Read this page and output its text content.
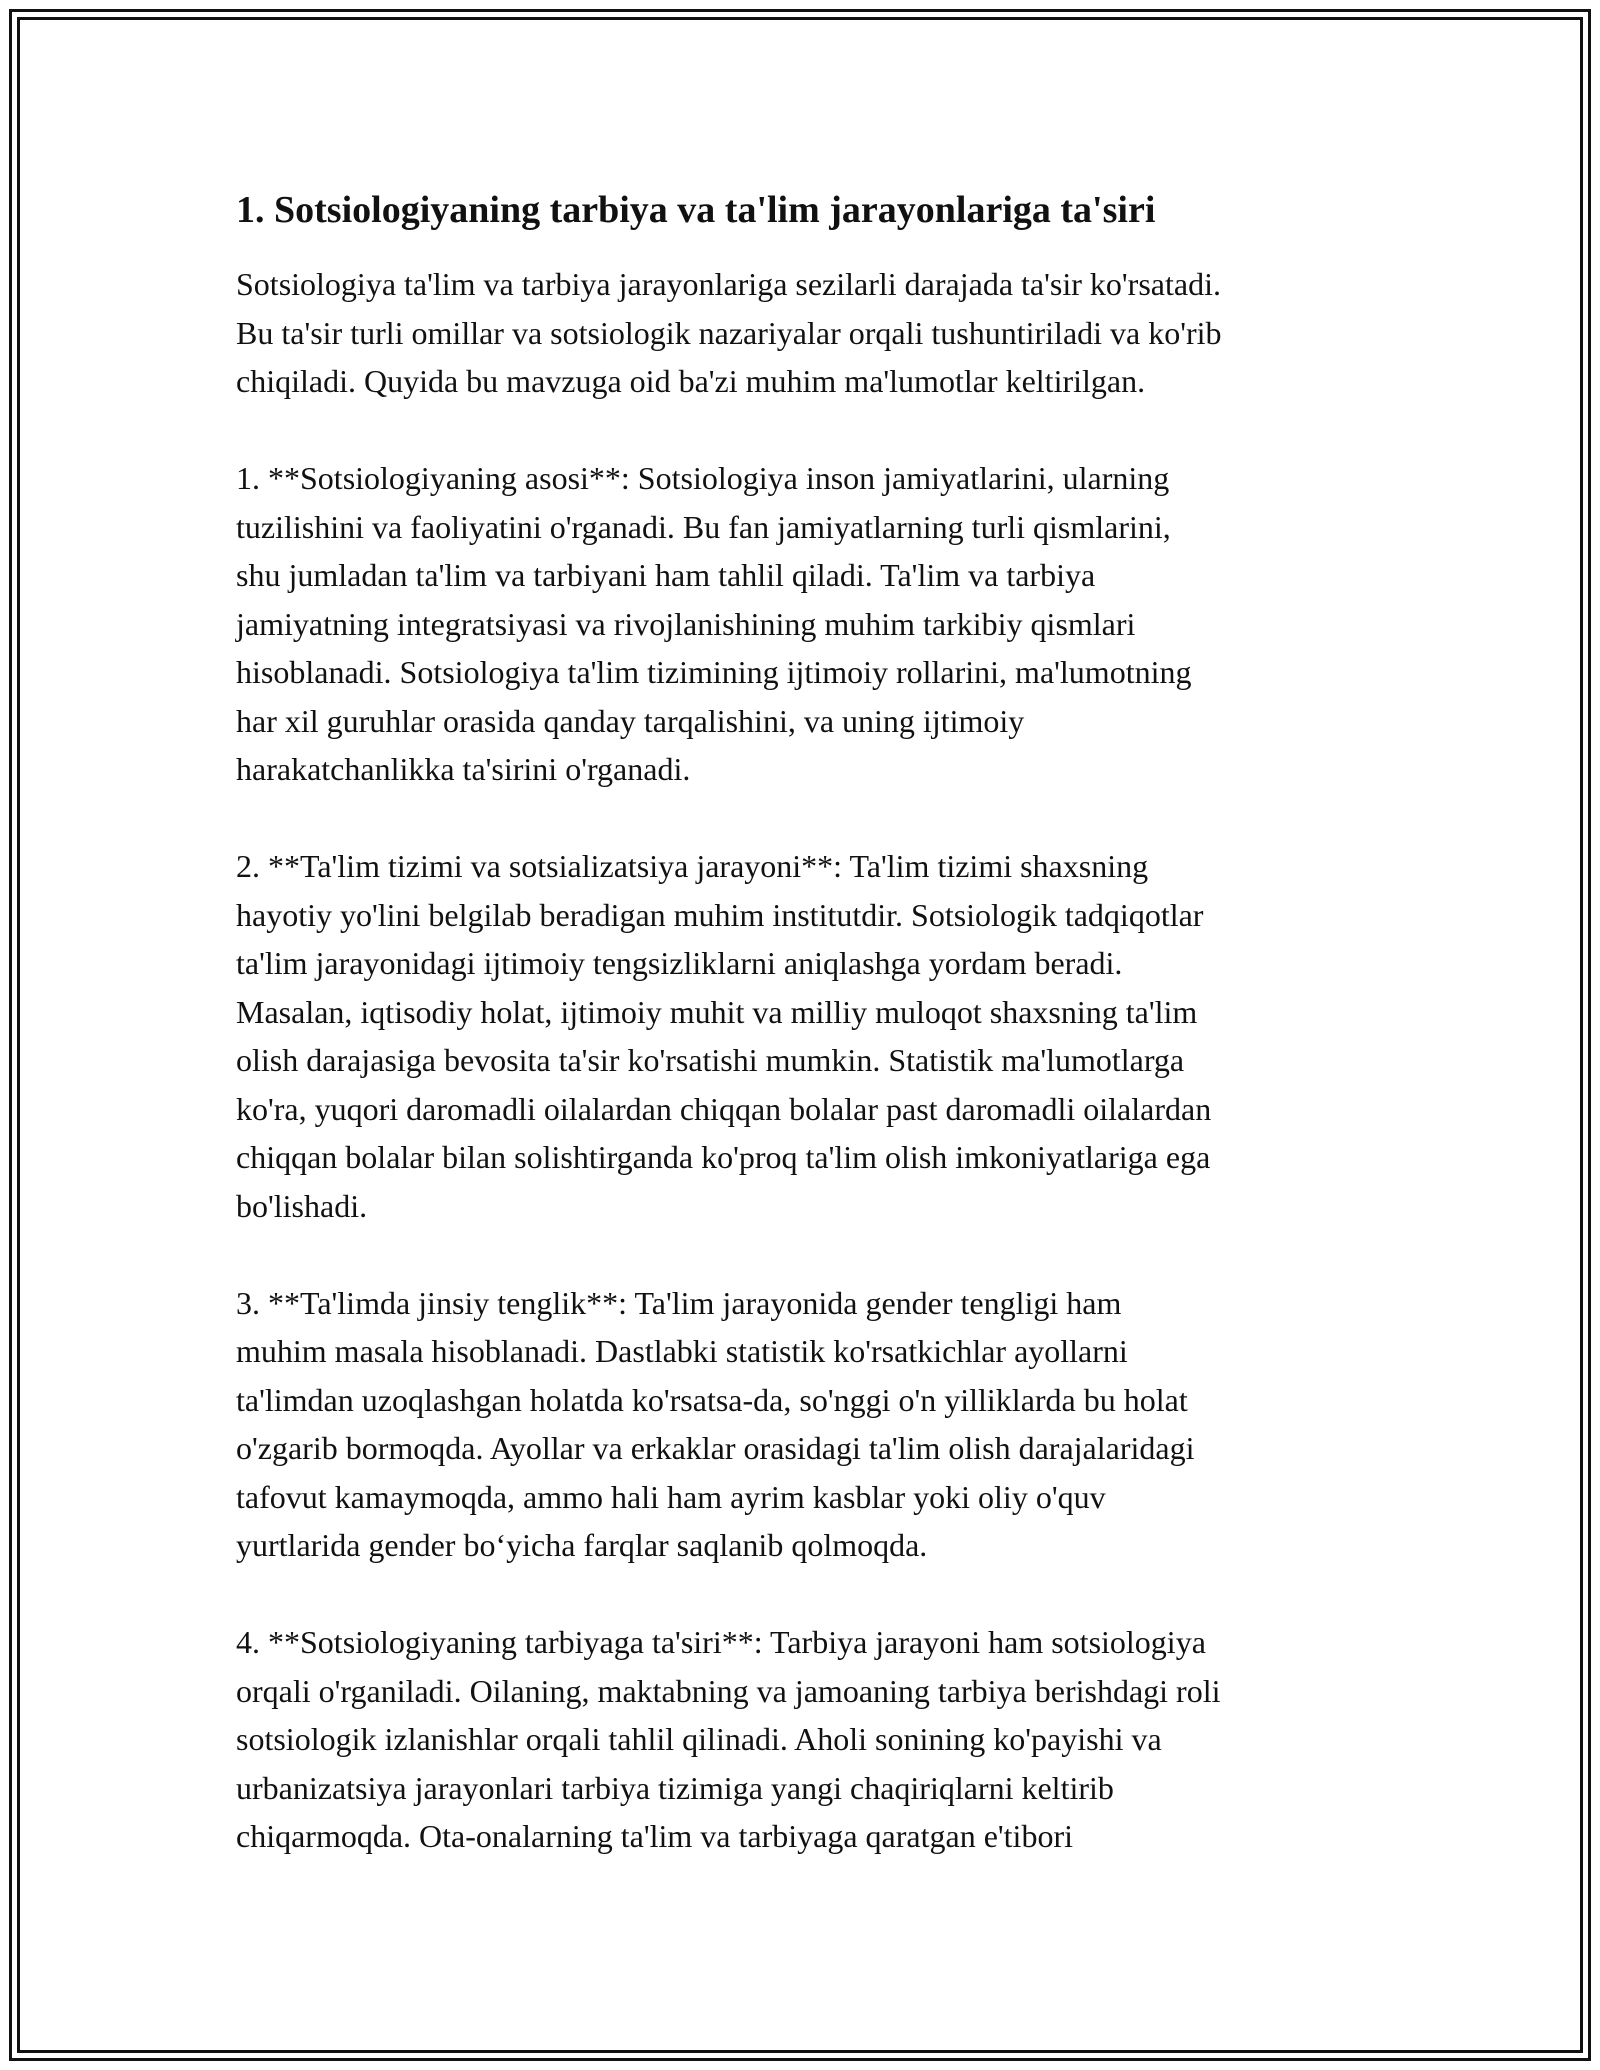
1. Sotsiologiyaning tarbiya va ta'lim jarayonlariga ta'siri

Sotsiologiya ta'lim va tarbiya jarayonlariga sezilarli darajada ta'sir ko'rsatadi.
Bu ta'sir turli omillar va sotsiologik nazariyalar orqali tushuntiriladi va ko'rib
chiqiladi. Quyida bu mavzuga oid ba'zi muhim ma'lumotlar keltirilgan.

1. **Sotsiologiyaning asosi**: Sotsiologiya inson jamiyatlarini, ularning
tuzilishini va faoliyatini o'rganadi. Bu fan jamiyatlarning turli qismlarini,
shu jumladan ta'lim va tarbiyani ham tahlil qiladi. Ta'lim va tarbiya
jamiyatning integratsiyasi va rivojlanishining muhim tarkibiy qismlari
hisoblanadi. Sotsiologiya ta'lim tizimining ijtimoiy rollarini, ma'lumotning
har xil guruhlar orasida qanday tarqalishini, va uning ijtimoiy
harakatchanlikka ta'sirini o'rganadi.

2. **Ta'lim tizimi va sotsializatsiya jarayoni**: Ta'lim tizimi shaxsning
hayotiy yo'lini belgilab beradigan muhim institutdir. Sotsiologik tadqiqotlar
ta'lim jarayonidagi ijtimoiy tengsizliklarni aniqlashga yordam beradi.
Masalan, iqtisodiy holat, ijtimoiy muhit va milliy muloqot shaxsning ta'lim
olish darajasiga bevosita ta'sir ko'rsatishi mumkin. Statistik ma'lumotlarga
ko'ra, yuqori daromadli oilalardan chiqqan bolalar past daromadli oilalardan
chiqqan bolalar bilan solishtirganda ko'proq ta'lim olish imkoniyatlariga ega
bo'lishadi.

3. **Ta'limda jinsiy tenglik**: Ta'lim jarayonida gender tengligi ham
muhim masala hisoblanadi. Dastlabki statistik ko'rsatkichlar ayollarni
ta'limdan uzoqlashgan holatda ko'rsatsa-da, so'nggi o'n yilliklarda bu holat
o'zgarib bormoqda. Ayollar va erkaklar orasidagi ta'lim olish darajalaridagi
tafovut kamaymoqda, ammo hali ham ayrim kasblar yoki oliy o'quv
yurtlarida gender bo‘yicha farqlar saqlanib qolmoqda.

4. **Sotsiologiyaning tarbiyaga ta'siri**: Tarbiya jarayoni ham sotsiologiya
orqali o'rganiladi. Oilaning, maktabning va jamoaning tarbiya berishdagi roli
sotsiologik izlanishlar orqali tahlil qilinadi. Aholi sonining ko'payishi va
urbanizatsiya jarayonlari tarbiya tizimiga yangi chaqiriqlarni keltirib
chiqarmoqda. Ota-onalarning ta'lim va tarbiyaga qaratgan e'tibori
